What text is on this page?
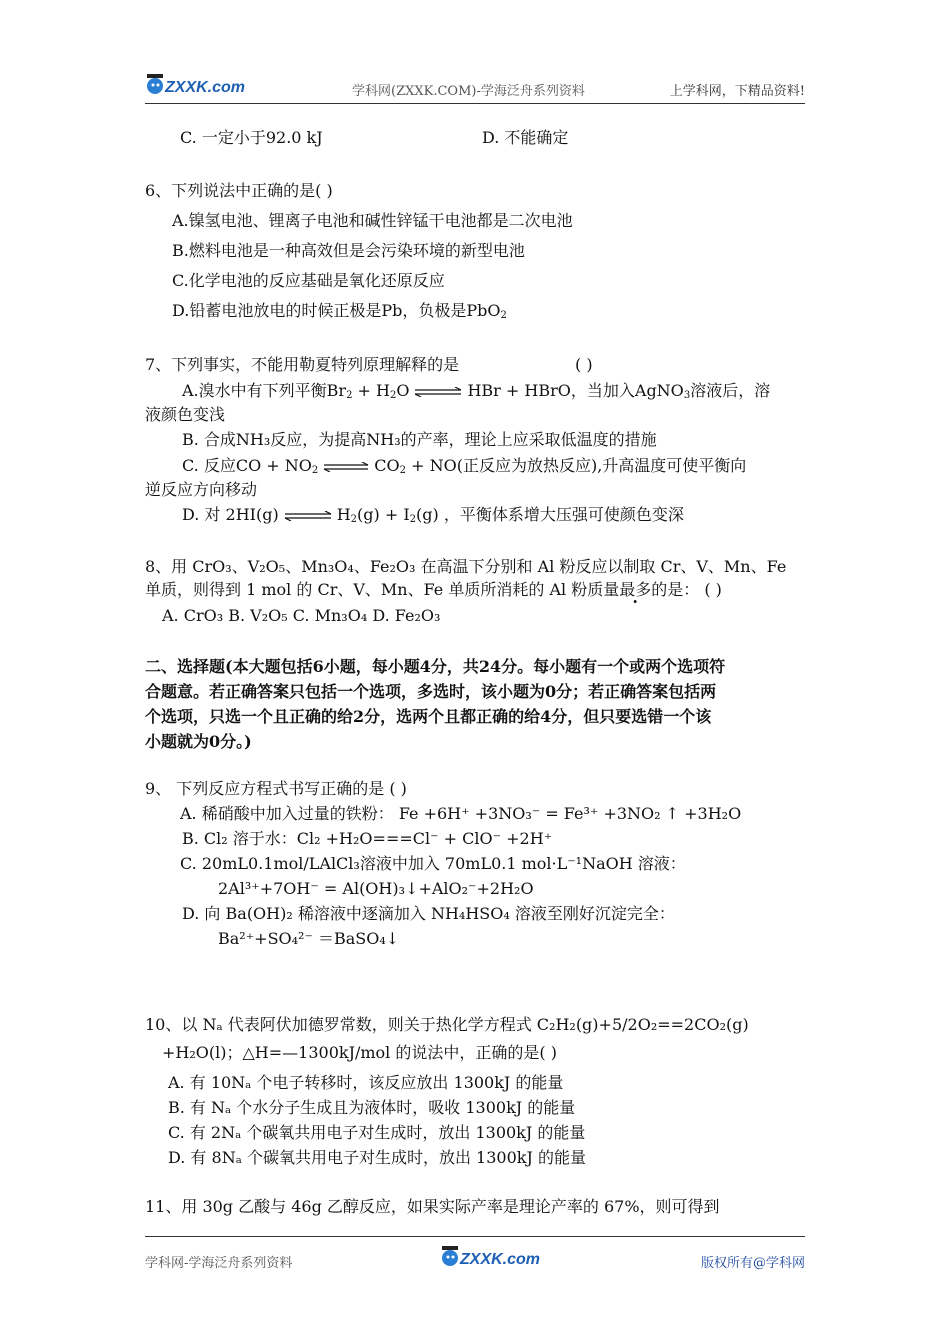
ZXXK.com	学科网(ZXXK.COM)-学海泛舟系列资料	上学科网，下精品资料!
C. 一定小于92.0 kJ	D. 不能确定
6、下列说法中正确的是( )
A.镍氢电池、锂离子电池和碱性锌锰干电池都是二次电池
B.燃料电池是一种高效但是会污染环境的新型电池
C.化学电池的反应基础是氧化还原反应
D.铅蓄电池放电的时候正极是Pb，负极是PbO$_2$
7、下列事实，不能用勒夏特列原理解释的是	( )
A.溴水中有下列平衡$Br_2 + H_2O$ ⇌ HBr + HBrO，当加入AgNO$_3$溶液后，溶
液颜色变浅
B. 合成NH₃反应，为提高NH₃的产率，理论上应采取低温度的措施
C. 反应CO + $NO_2$ ⇌ $CO_2 + NO$(正反应为放热反应),升高温度可使平衡向
逆反应方向移动
D. 对 2HI(g) ⇌ $H_2(g) + I_2(g)$ ，平衡体系增大压强可使颜色变深
8、用 CrO₃、V₂O₅、Mn₃O₄、Fe₂O₃ 在高温下分别和 Al 粉反应以制取 Cr、V、Mn、Fe
单质，则得到 1 mol 的 Cr、V、Mn、Fe 单质所消耗的 Al 粉质量最多的是： ( )
A. CrO₃ B. V₂O₅ C. Mn₃O₄ D. Fe₂O₃
二、选择题(本大题包括6小题，每小题4分，共24分。每小题有一个或两个选项符
合题意。若正确答案只包括一个选项，多选时，该小题为0分；若正确答案包括两
个选项，只选一个且正确的给2分，选两个且都正确的给4分，但只要选错一个该
小题就为0分。)
9、 下列反应方程式书写正确的是 ( )
A. 稀硝酸中加入过量的铁粉： Fe +6H⁺ +3NO₃⁻ = Fe³⁺ +3NO₂ ↑ +3H₂O
B. Cl₂ 溶于水：Cl₂ +H₂O===Cl⁻ + ClO⁻ +2H⁺
C. 20mL0.1mol/LAlCl₃溶液中加入 70mL0.1 mol·L⁻¹NaOH 溶液：
2Al³⁺+7OH⁻ = Al(OH)₃↓+AlO₂⁻+2H₂O
D. 向 Ba(OH)₂ 稀溶液中逐滴加入 NH₄HSO₄ 溶液至刚好沉淀完全：
Ba²⁺+SO₄²⁻ ＝BaSO₄↓
10、以 Nₐ 代表阿伏加德罗常数，则关于热化学方程式 C₂H₂(g)+5/2O₂==2CO₂(g)
+H₂O(l)；△H=—1300kJ/mol 的说法中，正确的是( )
A. 有 10Nₐ 个电子转移时，该反应放出 1300kJ 的能量
B. 有 Nₐ 个水分子生成且为液体时，吸收 1300kJ 的能量
C. 有 2Nₐ 个碳氧共用电子对生成时，放出 1300kJ 的能量
D. 有 8Nₐ 个碳氧共用电子对生成时，放出 1300kJ 的能量
11、用 30g 乙酸与 46g 乙醇反应，如果实际产率是理论产率的 67%，则可得到
学科网-学海泛舟系列资料	ZXXK.com	版权所有@学科网
